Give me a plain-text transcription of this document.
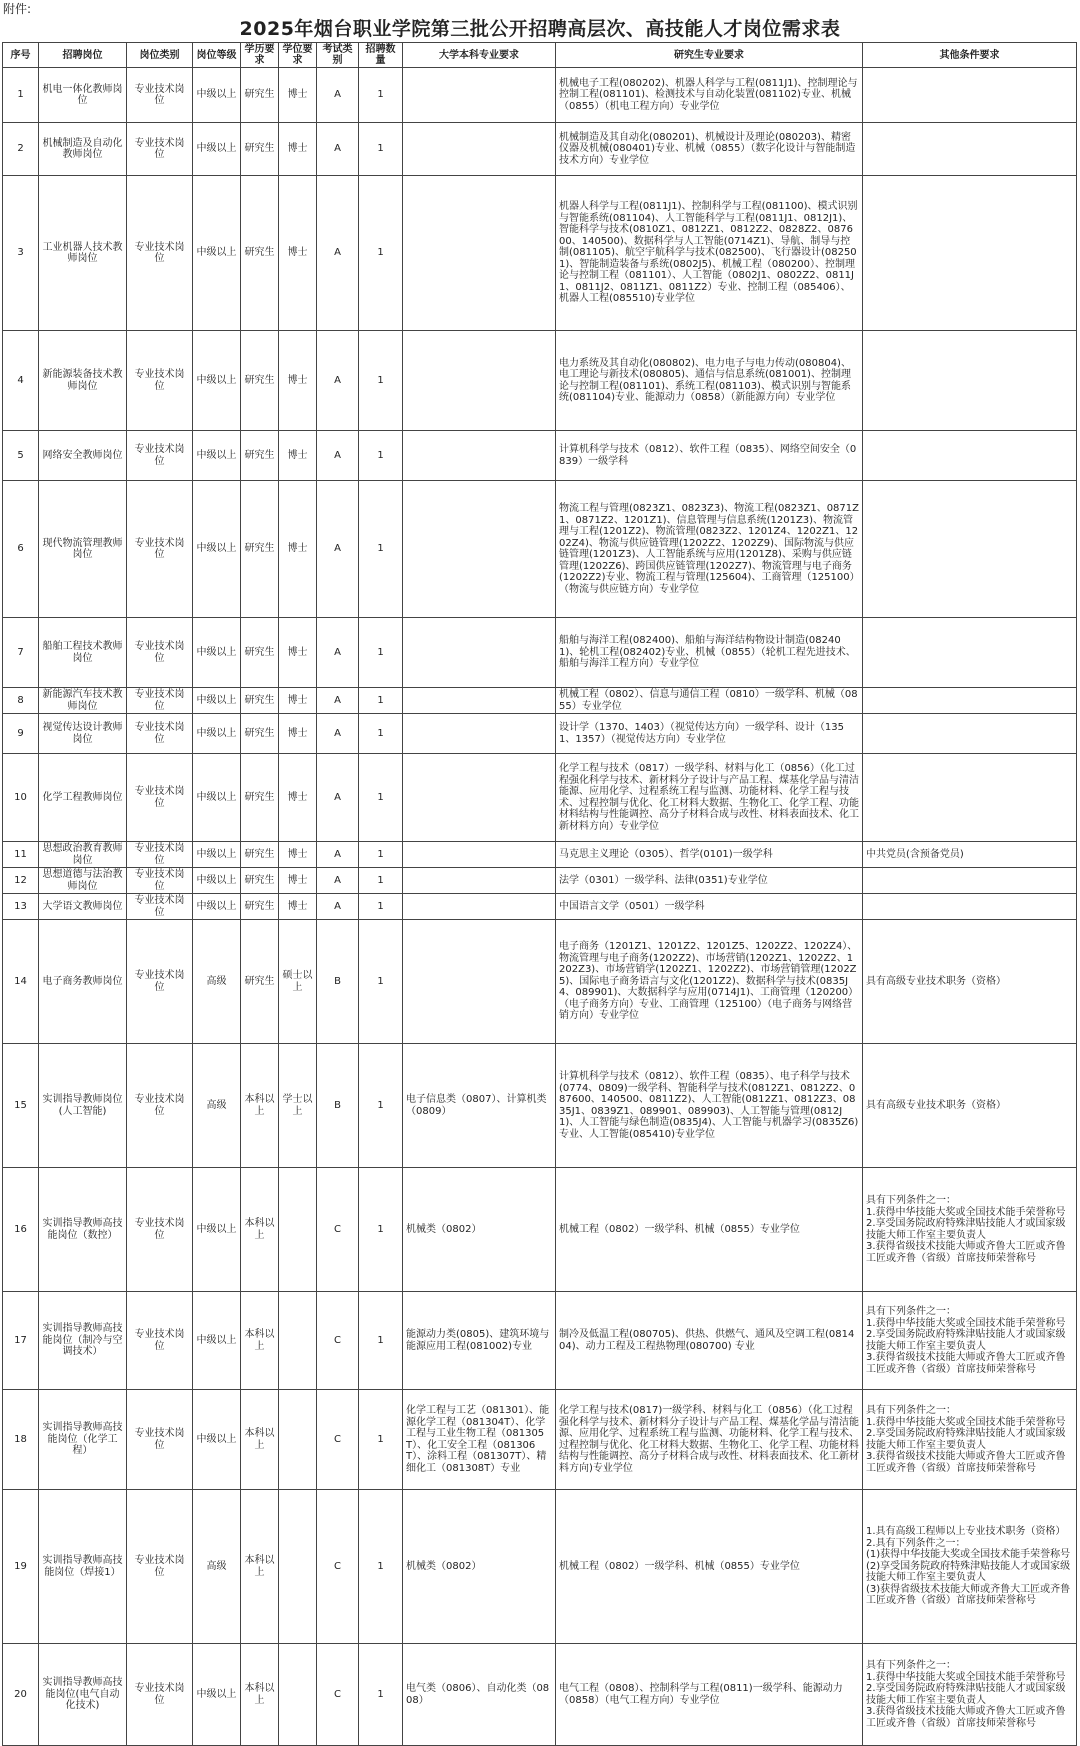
附件:
2025年烟台职业学院第三批公开招聘高层次、高技能人才岗位需求表
序号	招聘岗位	岗位类别	岗位等级	学历要求	学位要求	考试类别	招聘数量	大学本科专业要求	研究生专业要求	其他条件要求
1	机电一体化教师岗位	专业技术岗位	中级以上	研究生	博士	A	1		机械电子工程(080202)、机器人科学与工程(0811J1)、控制理论与控制工程(081101)、检测技术与自动化装置(081102)专业、机械（0855）（机电工程方向）专业学位	
2	机械制造及自动化教师岗位	专业技术岗位	中级以上	研究生	博士	A	1		机械制造及其自动化(080201)、机械设计及理论(080203)、精密仪器及机械(080401)专业、机械（0855）（数字化设计与智能制造技术方向）专业学位	
3	工业机器人技术教师岗位	专业技术岗位	中级以上	研究生	博士	A	1		机器人科学与工程(0811J1)、控制科学与工程(081100)、模式识别与智能系统(081104)、人工智能科学与工程(0811J1、0812J1)、智能科学与技术(0810Z1、0812Z1、0812Z2、0828Z2、087600、140500)、数据科学与人工智能(0714Z1)、导航、制导与控制(081105)、航空宇航科学与技术(082500)、飞行器设计(082501)、智能制造装备与系统(0802J5)、机械工程（080200）、控制理论与控制工程（081101）、人工智能（0802J1、0802Z2、0811J1、0811J2、0811Z1、0811Z2）专业、控制工程（085406）、机器人工程(085510)专业学位	
4	新能源装备技术教师岗位	专业技术岗位	中级以上	研究生	博士	A	1		电力系统及其自动化(080802)、电力电子与电力传动(080804)、电工理论与新技术(080805)、通信与信息系统(081001)、控制理论与控制工程(081101)、系统工程(081103)、模式识别与智能系统(081104)专业、能源动力（0858）（新能源方向）专业学位	
5	网络安全教师岗位	专业技术岗位	中级以上	研究生	博士	A	1		计算机科学与技术（0812）、软件工程（0835）、网络空间安全（0839）一级学科	
6	现代物流管理教师岗位	专业技术岗位	中级以上	研究生	博士	A	1		物流工程与管理(0823Z1、0823Z3)、物流工程(0823Z1、0871Z1、0871Z2、1201Z1)、信息管理与信息系统(1201Z3)、物流管理与工程(1201Z2)、物流管理(0823Z2、1201Z4、1202Z1、1202Z4)、物流与供应链管理(1202Z2、1202Z9)、国际物流与供应链管理(1201Z3)、人工智能系统与应用(1201Z8)、采购与供应链管理(1202Z6)、跨国供应链管理(1202Z7)、物流管理与电子商务(1202Z2)专业、物流工程与管理(125604)、工商管理（125100）（物流与供应链方向）专业学位	
7	船舶工程技术教师岗位	专业技术岗位	中级以上	研究生	博士	A	1		船舶与海洋工程(082400)、船舶与海洋结构物设计制造(082401)、轮机工程(082402)专业、机械（0855）（轮机工程先进技术、船舶与海洋工程方向）专业学位	
8	新能源汽车技术教师岗位	专业技术岗位	中级以上	研究生	博士	A	1		机械工程（0802）、信息与通信工程（0810）一级学科、机械（0855）专业学位	
9	视觉传达设计教师岗位	专业技术岗位	中级以上	研究生	博士	A	1		设计学（1370、1403）（视觉传达方向）一级学科、设计（1351、1357）（视觉传达方向）专业学位	
10	化学工程教师岗位	专业技术岗位	中级以上	研究生	博士	A	1		化学工程与技术（0817）一级学科、材料与化工（0856）（化工过程强化科学与技术、新材料分子设计与产品工程、煤基化学品与清洁能源、应用化学、过程系统工程与监测、功能材料、化学工程与技术、过程控制与优化、化工材料大数据、生物化工、化学工程、功能材料结构与性能调控、高分子材料合成与改性、材料表面技术、化工新材料方向）专业学位	
11	思想政治教育教师岗位	专业技术岗位	中级以上	研究生	博士	A	1		马克思主义理论（0305）、哲学(0101)一级学科	中共党员(含预备党员)
12	思想道德与法治教师岗位	专业技术岗位	中级以上	研究生	博士	A	1		法学（0301）一级学科、法律(0351)专业学位	
13	大学语文教师岗位	专业技术岗位	中级以上	研究生	博士	A	1		中国语言文学（0501）一级学科	
14	电子商务教师岗位	专业技术岗位	高级	研究生	硕士以上	B	1		电子商务（1201Z1、1201Z2、1201Z5、1202Z2、1202Z4）、物流管理与电子商务(1202Z2)、市场营销(1202Z1、1202Z2、1202Z3)、市场营销学(1202Z1、1202Z2)、市场营销管理(1202Z5)、国际电子商务语言与文化(1201Z2)、数据科学与技术(0835J4、089901)、大数据科学与应用(0714J1)、工商管理（120200）（电子商务方向）专业、工商管理（125100）（电子商务与网络营销方向）专业学位	具有高级专业技术职务（资格）
15	实训指导教师岗位(人工智能)	专业技术岗位	高级	本科以上	学士以上	B	1	电子信息类（0807）、计算机类（0809）	计算机科学与技术（0812）、软件工程（0835）、电子科学与技术(0774、0809)一级学科、智能科学与技术(0812Z1、0812Z2、087600、140500、0811Z2)、人工智能(0812Z1、0812Z3、0835J1、0839Z1、089901、089903)、人工智能与管理(0812J1)、人工智能与绿色制造(0835J4)、人工智能与机器学习(0835Z6)专业、人工智能(085410)专业学位	具有高级专业技术职务（资格）
16	实训指导教师高技能岗位（数控）	专业技术岗位	中级以上	本科以上		C	1	机械类（0802）	机械工程（0802）一级学科、机械（0855）专业学位	具有下列条件之一：
1.获得中华技能大奖或全国技术能手荣誉称号
2.享受国务院政府特殊津贴技能人才或国家级技能大师工作室主要负责人
3.获得省级技术技能大师或齐鲁大工匠或齐鲁工匠或齐鲁（省级）首席技师荣誉称号
17	实训指导教师高技能岗位（制冷与空调技术）	专业技术岗位	中级以上	本科以上		C	1	能源动力类(0805)、建筑环境与能源应用工程(081002)专业	制冷及低温工程(080705)、供热、供燃气、通风及空调工程(081404)、动力工程及工程热物理(080700) 专业	具有下列条件之一：
1.获得中华技能大奖或全国技术能手荣誉称号
2.享受国务院政府特殊津贴技能人才或国家级技能大师工作室主要负责人
3.获得省级技术技能大师或齐鲁大工匠或齐鲁工匠或齐鲁（省级）首席技师荣誉称号
18	实训指导教师高技能岗位（化学工程）	专业技术岗位	中级以上	本科以上		C	1	化学工程与工艺（081301）、能源化学工程（081304T）、化学工程与工业生物工程（081305T）、化工安全工程（081306T）、涂料工程（081307T）、精细化工（081308T）专业	化学工程与技术(0817)一级学科、材料与化工（0856）（化工过程强化科学与技术、新材料分子设计与产品工程、煤基化学品与清洁能源、应用化学、过程系统工程与监测、功能材料、化学工程与技术、过程控制与优化、化工材料大数据、生物化工、化学工程、功能材料结构与性能调控、高分子材料合成与改性、材料表面技术、化工新材料方向)专业学位	具有下列条件之一：
1.获得中华技能大奖或全国技术能手荣誉称号
2.享受国务院政府特殊津贴技能人才或国家级技能大师工作室主要负责人
3.获得省级技术技能大师或齐鲁大工匠或齐鲁工匠或齐鲁（省级）首席技师荣誉称号
19	实训指导教师高技能岗位（焊接1）	专业技术岗位	高级	本科以上		C	1	机械类（0802）	机械工程（0802）一级学科、机械（0855）专业学位	1.具有高级工程师以上专业技术职务（资格）
2.具有下列条件之一：
(1)获得中华技能大奖或全国技术能手荣誉称号
(2)享受国务院政府特殊津贴技能人才或国家级技能大师工作室主要负责人
(3)获得省级技术技能大师或齐鲁大工匠或齐鲁工匠或齐鲁（省级）首席技师荣誉称号
20	实训指导教师高技能岗位(电气自动化技术)	专业技术岗位	中级以上	本科以上		C	1	电气类（0806）、自动化类（0808）	电气工程（0808）、控制科学与工程(0811)一级学科、能源动力（0858）（电气工程方向）专业学位	具有下列条件之一：
1.获得中华技能大奖或全国技术能手荣誉称号
2.享受国务院政府特殊津贴技能人才或国家级技能大师工作室主要负责人
3.获得省级技术技能大师或齐鲁大工匠或齐鲁工匠或齐鲁（省级）首席技师荣誉称号
